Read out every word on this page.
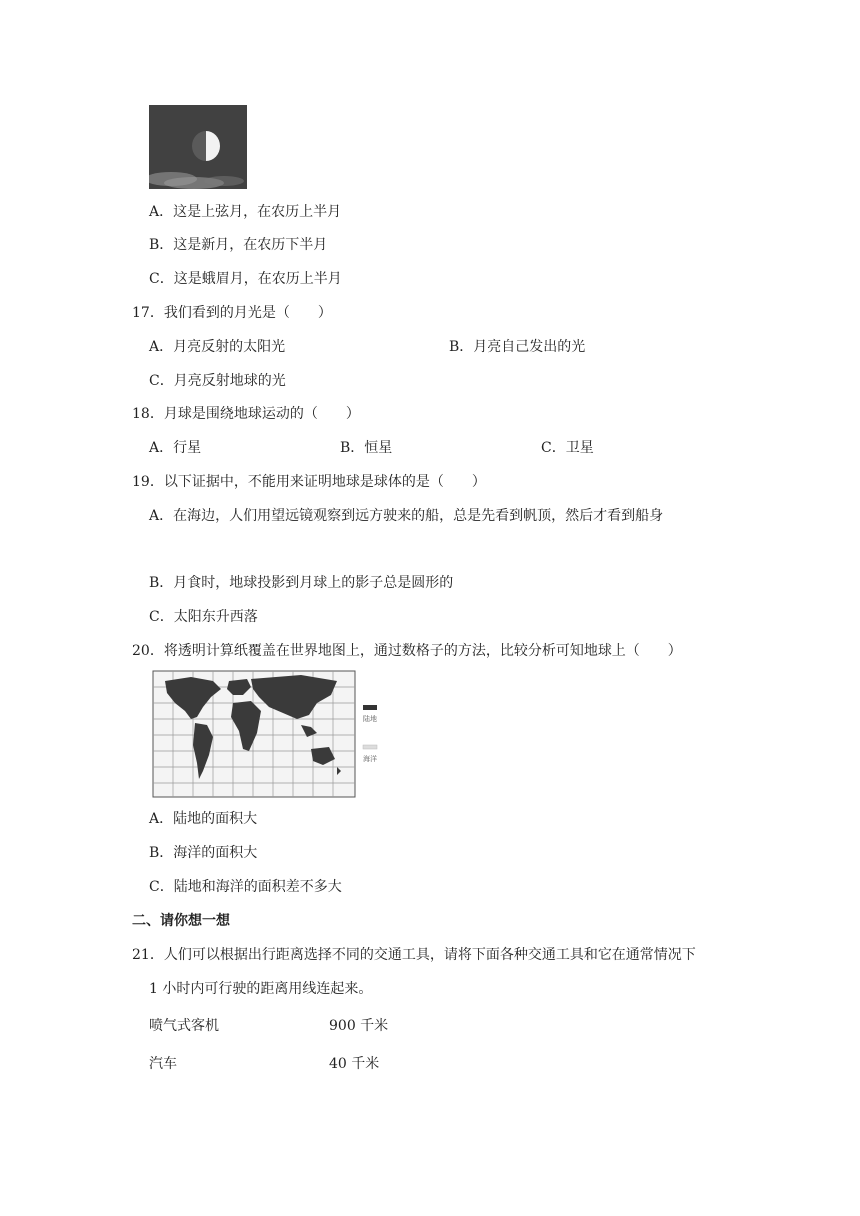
A．这是上弦月，在农历上半月
B．这是新月，在农历下半月
C．这是蛾眉月，在农历上半月
17．我们看到的月光是（　　）
A．月亮反射的太阳光	B．月亮自己发出的光
C．月亮反射地球的光
18．月球是围绕地球运动的（　　）
A．行星	B．恒星	C．卫星
19．以下证据中，不能用来证明地球是球体的是（　　）
A．在海边，人们用望远镜观察到远方驶来的船，总是先看到帆顶，然后才看到船身
B．月食时，地球投影到月球上的影子总是圆形的
C．太阳东升西落
20．将透明计算纸覆盖在世界地图上，通过数格子的方法，比较分析可知地球上（　　）
陆地
海洋
A．陆地的面积大
B．海洋的面积大
C．陆地和海洋的面积差不多大
二、请你想一想
21．人们可以根据出行距离选择不同的交通工具，请将下面各种交通工具和它在通常情况下
1 小时内可行驶的距离用线连起来。
喷气式客机	900 千米
汽车	40 千米
